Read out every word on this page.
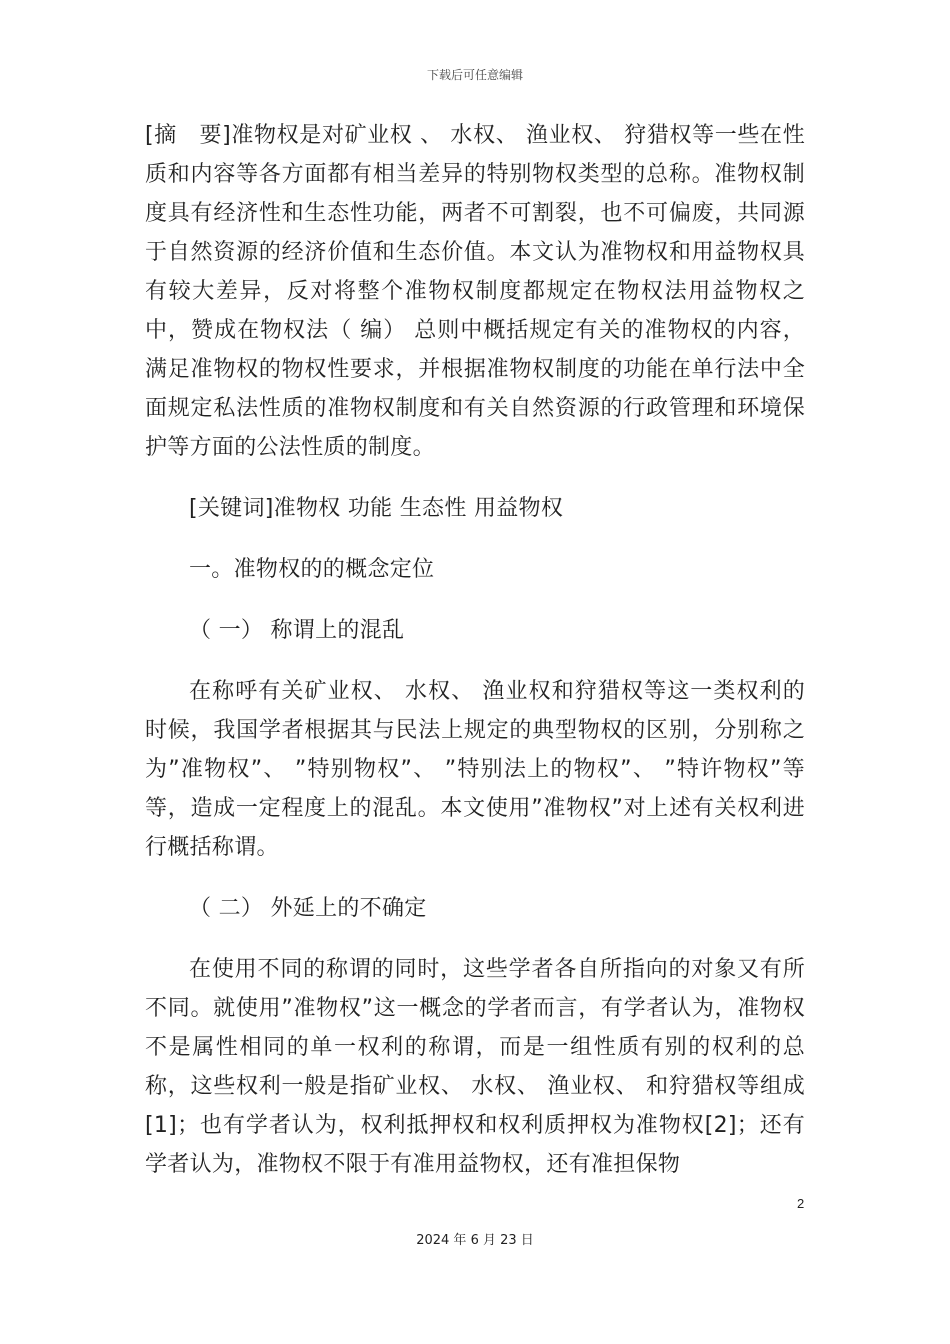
下载后可任意编辑

[摘　要]准物权是对矿业权 、 水权、 渔业权、 狩猎权等一些在性质和内容等各方面都有相当差异的特别物权类型的总称。准物权制度具有经济性和生态性功能，两者不可割裂，也不可偏废，共同源于自然资源的经济价值和生态价值。本文认为准物权和用益物权具有较大差异，反对将整个准物权制度都规定在物权法用益物权之中，赞成在物权法（ 编） 总则中概括规定有关的准物权的内容，满足准物权的物权性要求，并根据准物权制度的功能在单行法中全面规定私法性质的准物权制度和有关自然资源的行政管理和环境保护等方面的公法性质的制度。

[关键词]准物权 功能 生态性 用益物权

一。准物权的的概念定位

（ 一） 称谓上的混乱

在称呼有关矿业权、 水权、 渔业权和狩猎权等这一类权利的时候，我国学者根据其与民法上规定的典型物权的区别，分别称之为”准物权”、 ”特别物权”、 ”特别法上的物权”、 ”特许物权”等等，造成一定程度上的混乱。本文使用”准物权”对上述有关权利进行概括称谓。

（ 二） 外延上的不确定

在使用不同的称谓的同时，这些学者各自所指向的对象又有所不同。就使用”准物权”这一概念的学者而言，有学者认为，准物权不是属性相同的单一权利的称谓，而是一组性质有别的权利的总称，这些权利一般是指矿业权、 水权、 渔业权、 和狩猎权等组成[1]；也有学者认为，权利抵押权和权利质押权为准物权[2]；还有学者认为，准物权不限于有准用益物权，还有准担保物

2
2024 年 6 月 23 日
